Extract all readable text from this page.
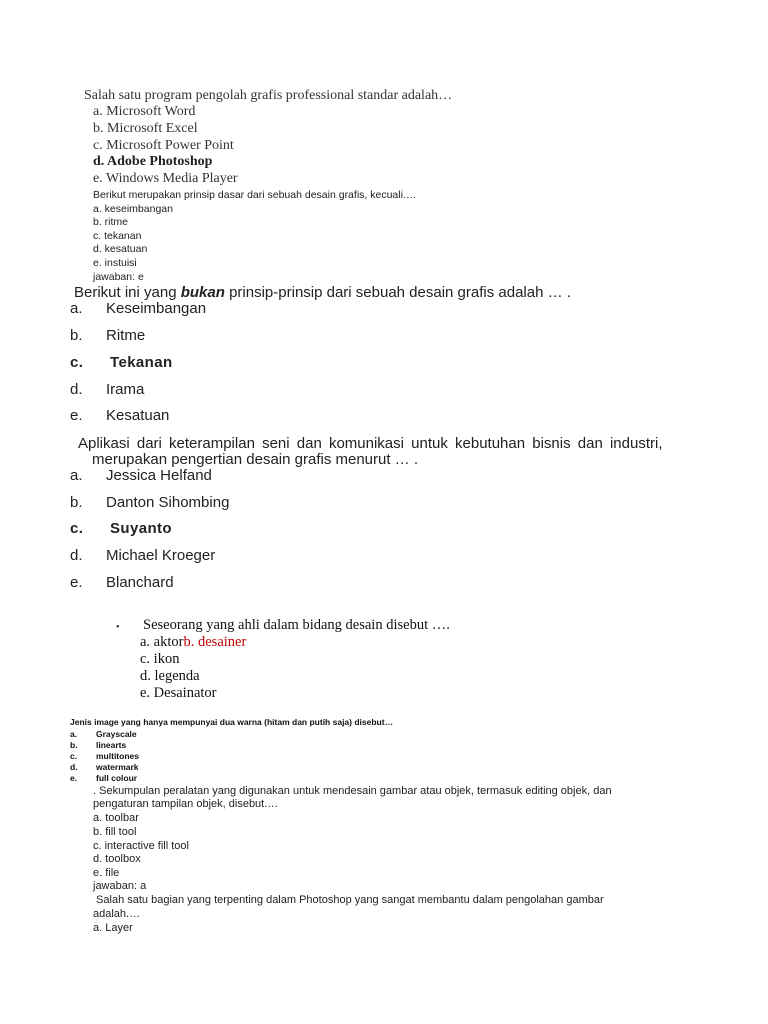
Salah satu program pengolah grafis professional standar adalah…
a. Microsoft Word
b. Microsoft Excel
c. Microsoft Power Point
d. Adobe Photoshop
e. Windows Media Player
Berikut merupakan prinsip dasar dari sebuah desain grafis, kecuali.…
a. keseimbangan
b. ritme
c. tekanan
d. kesatuan
e. instuisi
jawaban: e
Berikut ini yang bukan prinsip-prinsip dari sebuah desain grafis adalah … .
a. Keseimbangan
b. Ritme
c. Tekanan
d. Irama
e. Kesatuan
Aplikasi dari keterampilan seni dan komunikasi untuk kebutuhan bisnis dan industri,
merupakan pengertian desain grafis menurut … .
a. Jessica Helfand
b. Danton Sihombing
c. Suyanto
d. Michael Kroeger
e. Blanchard
• Seseorang yang ahli dalam bidang desain disebut ….
a. aktorb. desainer
c. ikon
d. legenda
e. Desainator
Jenis image yang hanya mempunyai dua warna (hitam dan putih saja) disebut…
a. Grayscale
b. linearts
c. multitones
d. watermark
e. full colour
. Sekumpulan peralatan yang digunakan untuk mendesain gambar atau objek, termasuk editing objek, dan
pengaturan tampilan objek, disebut.…
a. toolbar
b. fill tool
c. interactive fill tool
d. toolbox
e. file
jawaban: a
Salah satu bagian yang terpenting dalam Photoshop yang sangat membantu dalam pengolahan gambar
adalah.…
a. Layer
